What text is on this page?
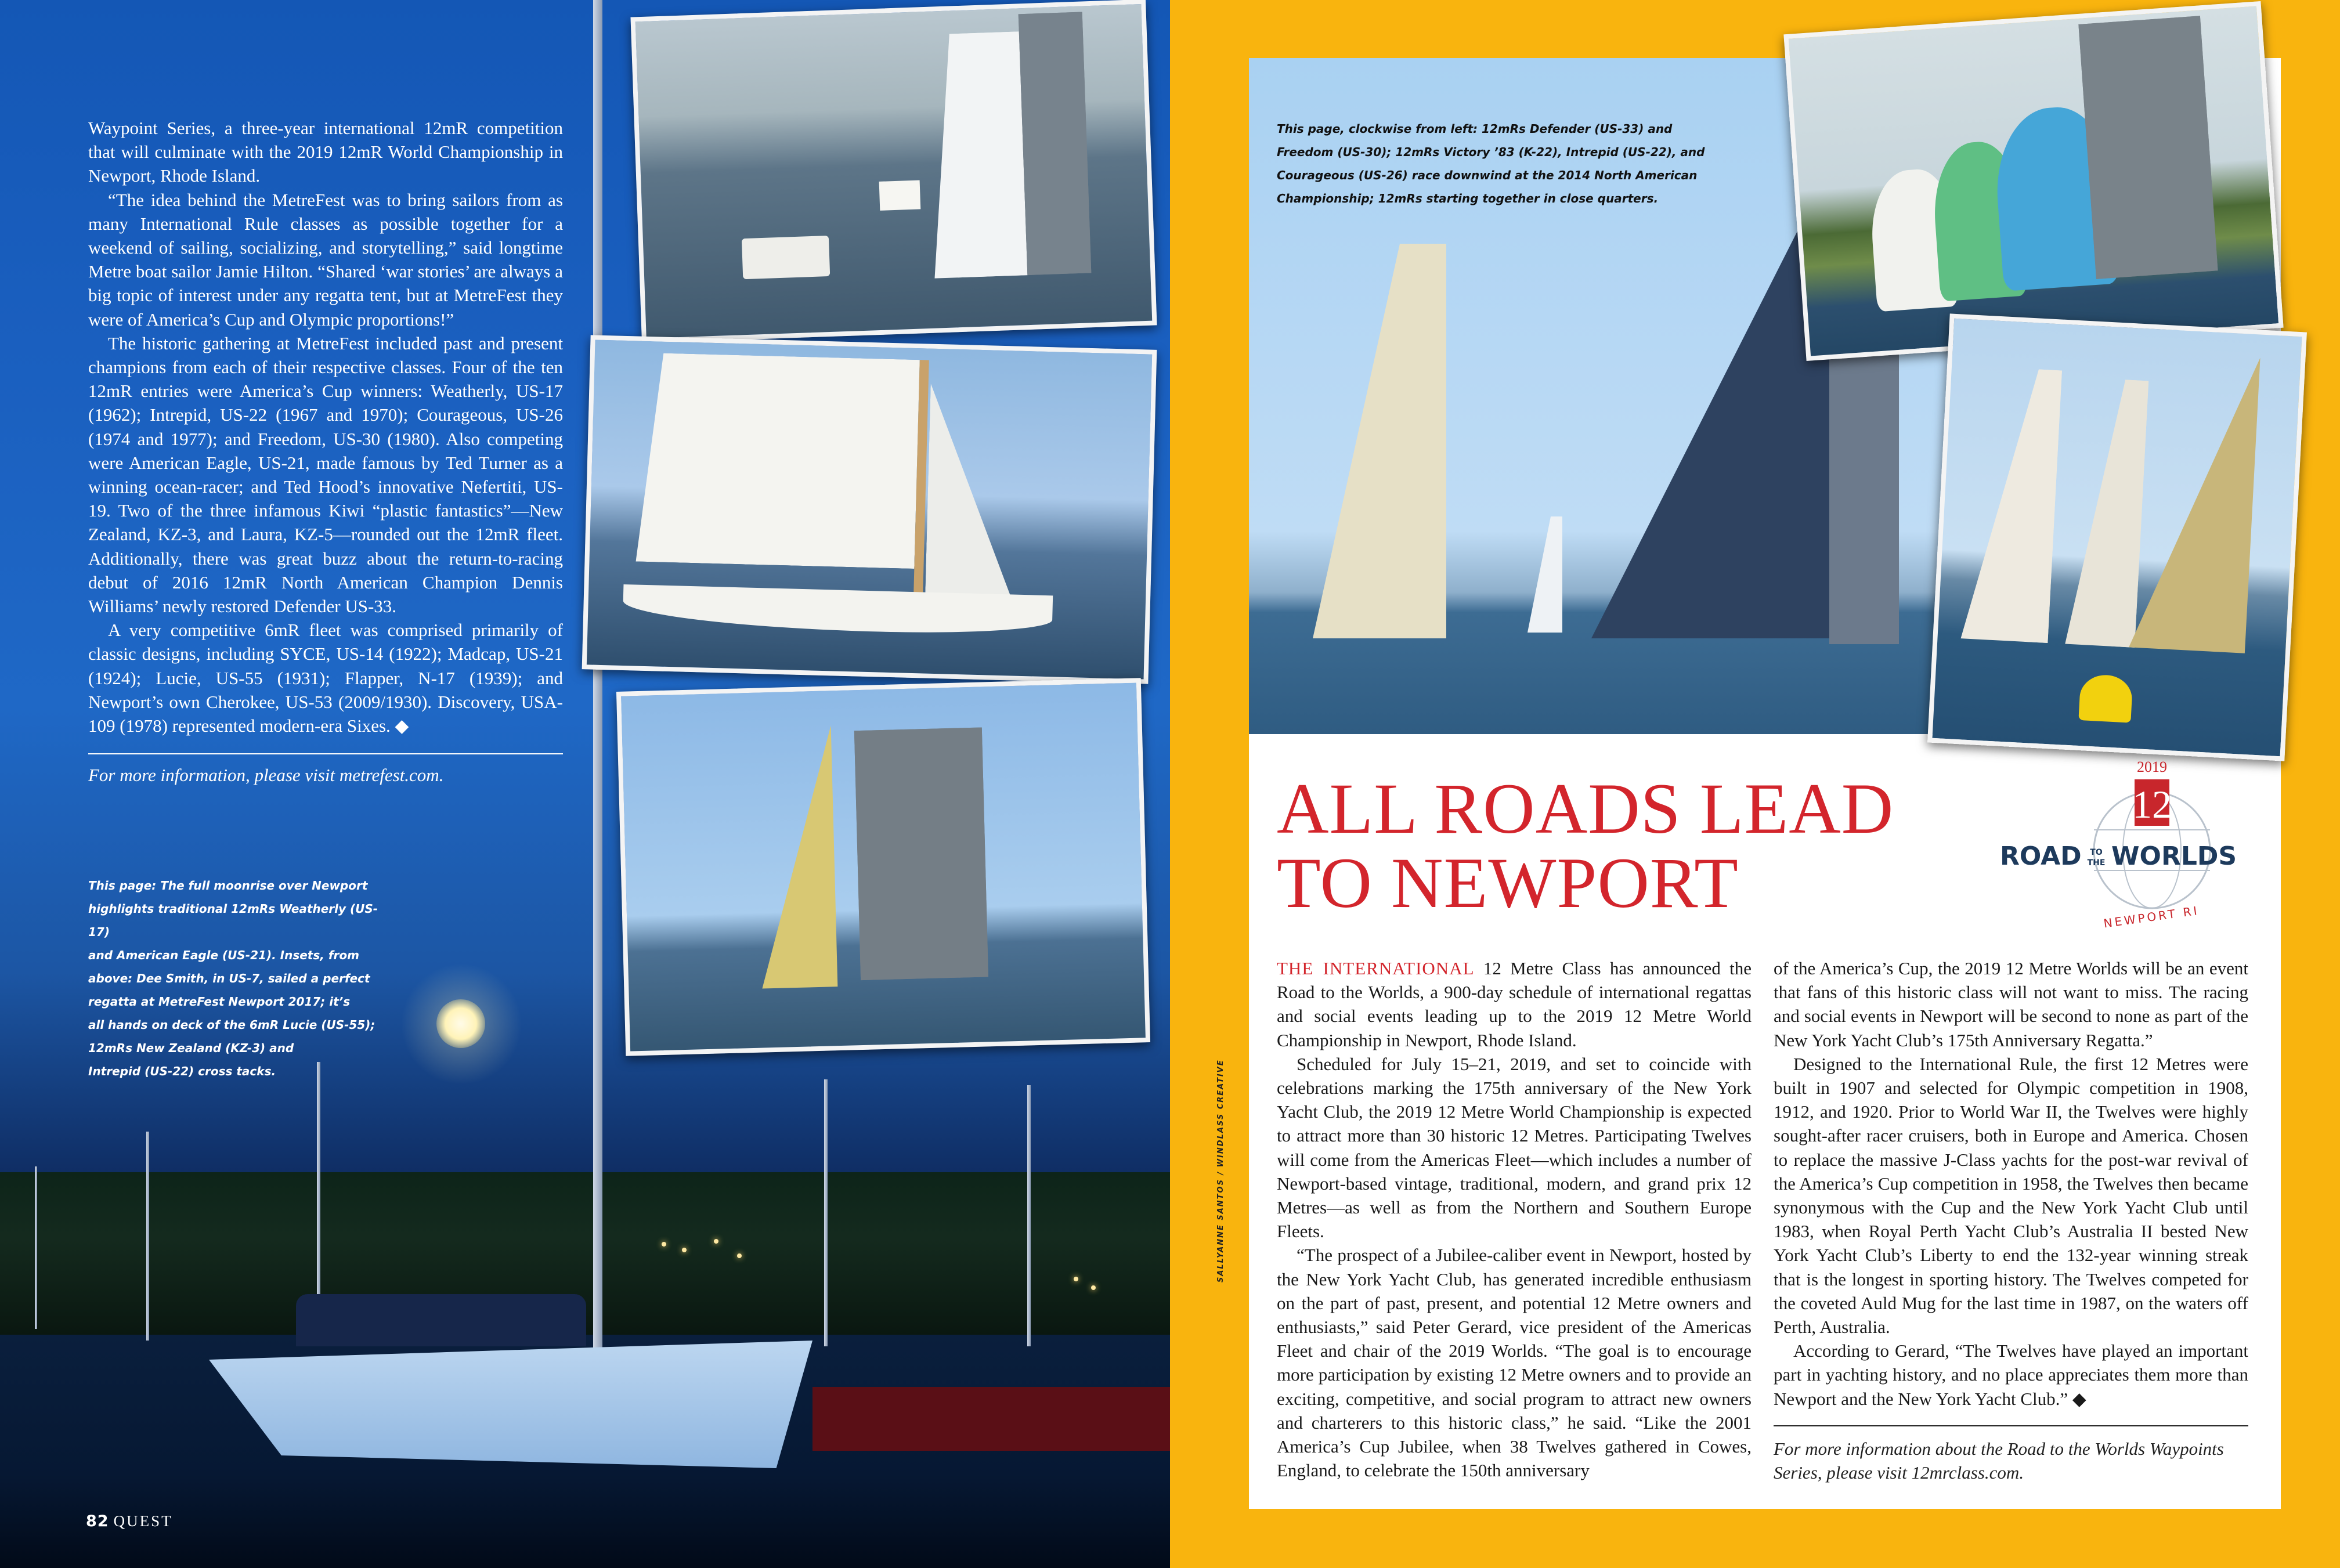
Waypoint Series, a three-year international 12mR competition that will culminate with the 2019 12mR World Championship in Newport, Rhode Island.

“The idea behind the MetreFest was to bring sailors from as many International Rule classes as possible together for a weekend of sailing, socializing, and storytelling,” said longtime Metre boat sailor Jamie Hilton. “Shared ‘war stories’ are always a big topic of interest under any regatta tent, but at MetreFest they were of America’s Cup and Olympic proportions!”

The historic gathering at MetreFest included past and present champions from each of their respective classes. Four of the ten 12mR entries were America’s Cup winners: Weatherly, US-17 (1962); Intrepid, US-22 (1967 and 1970); Courageous, US-26 (1974 and 1977); and Freedom, US-30 (1980). Also competing were American Eagle, US-21, made famous by Ted Turner as a winning ocean-racer; and Ted Hood’s innovative Nefertiti, US-19. Two of the three infamous Kiwi “plastic fantastics”—New Zealand, KZ-3, and Laura, KZ-5—rounded out the 12mR fleet. Additionally, there was great buzz about the return-to-racing debut of 2016 12mR North American Champion Dennis Williams’ newly restored Defender US-33.

A very competitive 6mR fleet was comprised primarily of classic designs, including SYCE, US-14 (1922); Madcap, US-21 (1924); Lucie, US-55 (1931); Flapper, N-17 (1939); and Newport’s own Cherokee, US-53 (2009/1930). Discovery, USA-109 (1978) represented modern-era Sixes. ◆

For more information, please visit metrefest.com.
This page: The full moonrise over Newport
highlights traditional 12mRs Weatherly (US-17)
and American Eagle (US-21). Insets, from
above: Dee Smith, in US-7, sailed a perfect
regatta at MetreFest Newport 2017; it’s
all hands on deck of the 6mR Lucie (US-55);
12mRs New Zealand (KZ-3) and
Intrepid (US-22) cross tacks.
82 QUEST
This page, clockwise from left: 12mRs Defender (US-33) and
Freedom (US-30); 12mRs Victory ’83 (K-22), Intrepid (US-22), and
Courageous (US-26) race downwind at the 2014 North American
Championship; 12mRs starting together in close quarters.
ALL ROADS LEAD
TO NEWPORT
2019
12
ROAD TO
THE WORLDS
NEWPORT RI
SALLYANNE SANTOS / WINDLASS CREATIVE

THE INTERNATIONAL 12 Metre Class has announced the Road to the Worlds, a 900-day schedule of international regattas and social events leading up to the 2019 12 Metre World Championship in Newport, Rhode Island.

Scheduled for July 15–21, 2019, and set to coincide with celebrations marking the 175th anniversary of the New York Yacht Club, the 2019 12 Metre World Championship is expected to attract more than 30 historic 12 Metres. Participating Twelves will come from the Americas Fleet—which includes a number of Newport-based vintage, traditional, modern, and grand prix 12 Metres—as well as from the Northern and Southern Europe Fleets.

“The prospect of a Jubilee-caliber event in Newport, hosted by the New York Yacht Club, has generated incredible enthusiasm on the part of past, present, and potential 12 Metre owners and enthusiasts,” said Peter Gerard, vice president of the Americas Fleet and chair of the 2019 Worlds. “The goal is to encourage more participation by existing 12 Metre owners and to provide an exciting, competitive, and social program to attract new owners and charterers to this historic class,” he said. “Like the 2001 America’s Cup Jubilee, when 38 Twelves gathered in Cowes, England, to celebrate the 150th anniversary

of the America’s Cup, the 2019 12 Metre Worlds will be an event that fans of this historic class will not want to miss. The racing and social events in Newport will be second to none as part of the New York Yacht Club’s 175th Anniversary Regatta.”

Designed to the International Rule, the first 12 Metres were built in 1907 and selected for Olympic competition in 1908, 1912, and 1920. Prior to World War II, the Twelves were highly sought-after racer cruisers, both in Europe and America. Chosen to replace the massive J-Class yachts for the post-war revival of the America’s Cup competition in 1958, the Twelves then became synonymous with the Cup and the New York Yacht Club until 1983, when Royal Perth Yacht Club’s Australia II bested New York Yacht Club’s Liberty to end the 132-year winning streak that is the longest in sporting history. The Twelves competed for the coveted Auld Mug for the last time in 1987, on the waters off Perth, Australia.

According to Gerard, “The Twelves have played an important part in yachting history, and no place appreciates them more than Newport and the New York Yacht Club.” ◆

For more information about the Road to the Worlds Waypoints Series, please visit 12mrclass.com.
